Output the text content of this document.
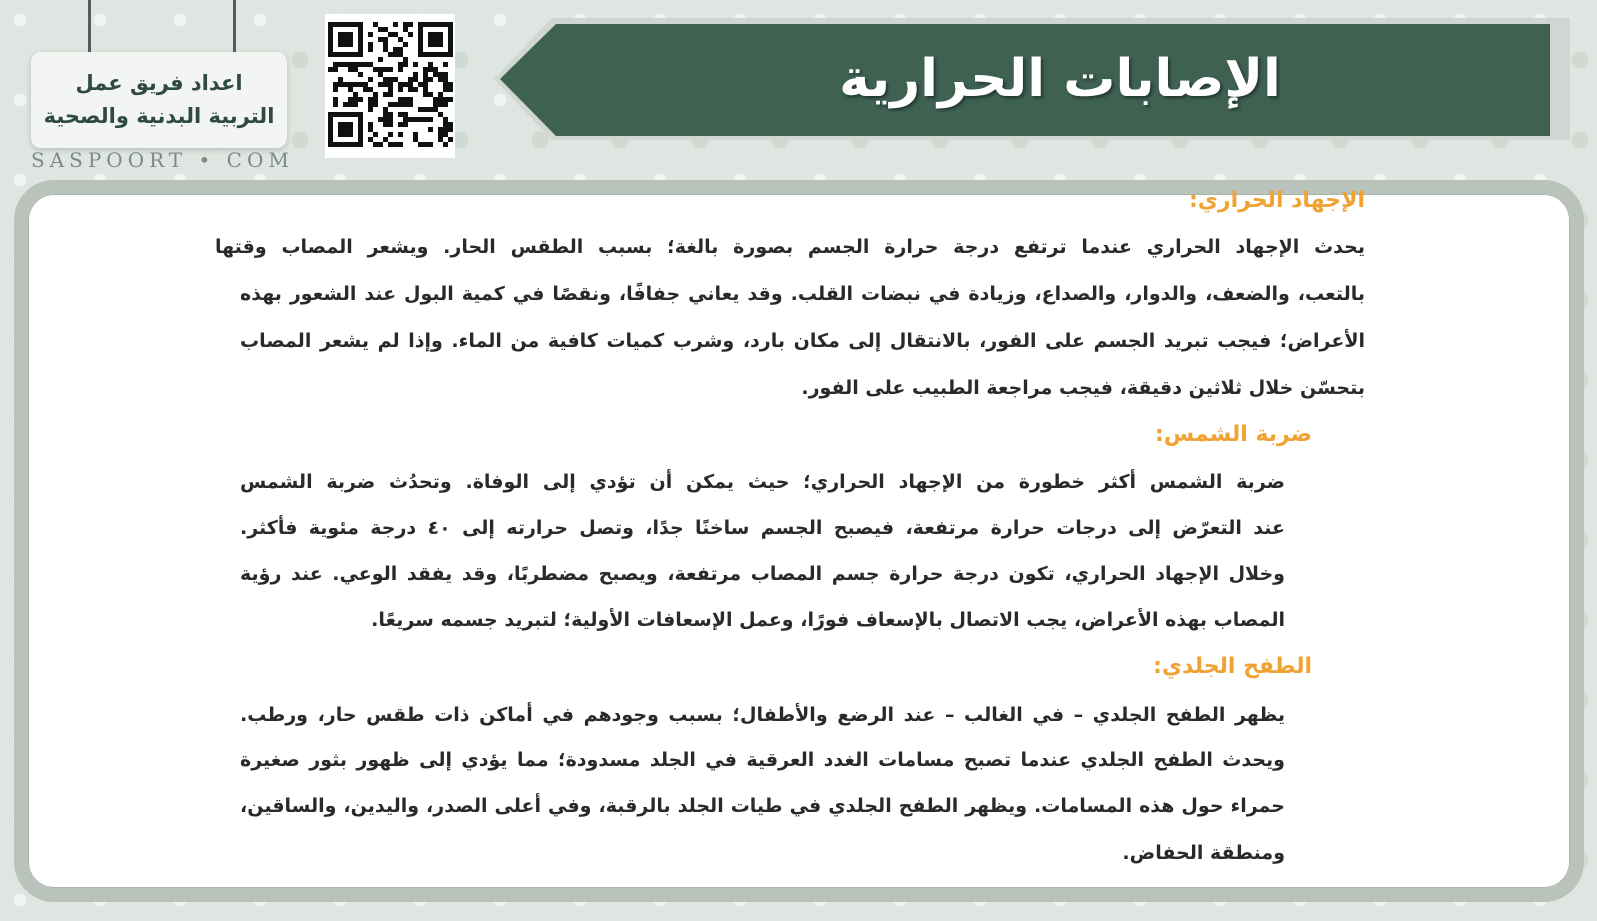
اعداد فريق عمل
التربية البدنية والصحية
SASPOORT • COM
الإصابات الحرارية
الإجهاد الحراري:
يحدث الإجهاد الحراري عندما ترتفع درجة حرارة الجسم بصورة بالغة؛ بسبب الطقس الحار. ويشعر المصاب وقتها
بالتعب، والضعف، والدوار، والصداع، وزيادة في نبضات القلب. وقد يعاني جفافًا، ونقصًا في كمية البول عند الشعور بهذه
الأعراض؛ فيجب تبريد الجسم على الفور، بالانتقال إلى مكان بارد، وشرب كميات كافية من الماء. وإذا لم يشعر المصاب
بتحسّن خلال ثلاثين دقيقة، فيجب مراجعة الطبيب على الفور.
ضربة الشمس:
ضربة الشمس أكثر خطورة من الإجهاد الحراري؛ حيث يمكن أن تؤدي إلى الوفاة. وتحدُث ضربة الشمس
عند التعرّض إلى درجات حرارة مرتفعة، فيصبح الجسم ساخنًا جدًا، وتصل حرارته إلى ٤٠ درجة مئوية فأكثر.
وخلال الإجهاد الحراري، تكون درجة حرارة جسم المصاب مرتفعة، ويصبح مضطربًا، وقد يفقد الوعي. عند رؤية
المصاب بهذه الأعراض، يجب الاتصال بالإسعاف فورًا، وعمل الإسعافات الأولية؛ لتبريد جسمه سريعًا.
الطفح الجلدي:
يظهر الطفح الجلدي – في الغالب – عند الرضع والأطفال؛ بسبب وجودهم في أماكن ذات طقس حار، ورطب.
ويحدث الطفح الجلدي عندما تصبح مسامات الغدد العرقية في الجلد مسدودة؛ مما يؤدي إلى ظهور بثور صغيرة
حمراء حول هذه المسامات. ويظهر الطفح الجلدي في طيات الجلد بالرقبة، وفي أعلى الصدر، واليدين، والساقين،
ومنطقة الحفاض.
